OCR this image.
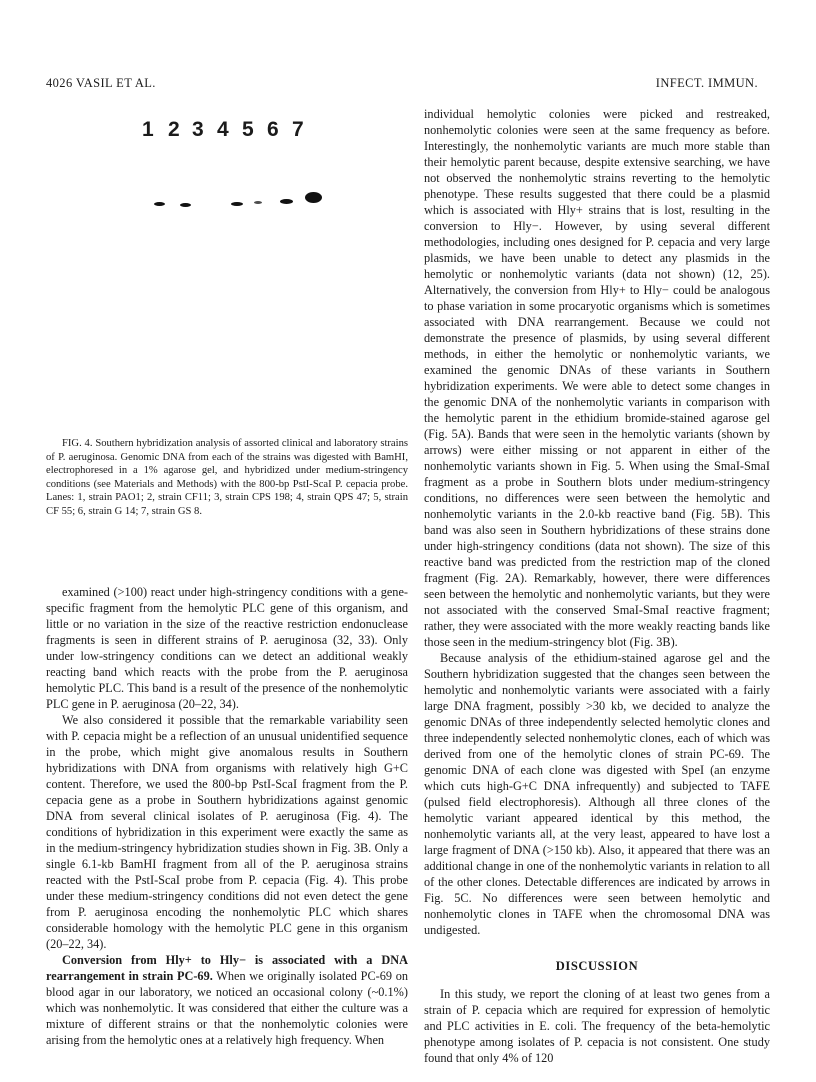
4026 VASIL ET AL.	INFECT. IMMUN.
1 2 3 4 5 6 7
FIG. 4. Southern hybridization analysis of assorted clinical and laboratory strains of P. aeruginosa. Genomic DNA from each of the strains was digested with BamHI, electrophoresed in a 1% agarose gel, and hybridized under medium-stringency conditions (see Materials and Methods) with the 800-bp PstI-ScaI P. cepacia probe. Lanes: 1, strain PAO1; 2, strain CF11; 3, strain CPS 198; 4, strain QPS 47; 5, strain CF 55; 6, strain G 14; 7, strain GS 8.

examined (>100) react under high-stringency conditions with a gene-specific fragment from the hemolytic PLC gene of this organism, and little or no variation in the size of the reactive restriction endonuclease fragments is seen in different strains of P. aeruginosa (32, 33). Only under low-stringency conditions can we detect an additional weakly reacting band which reacts with the probe from the P. aeruginosa hemolytic PLC. This band is a result of the presence of the nonhemolytic PLC gene in P. aeruginosa (20–22, 34).

We also considered it possible that the remarkable variability seen with P. cepacia might be a reflection of an unusual unidentified sequence in the probe, which might give anomalous results in Southern hybridizations with DNA from organisms with relatively high G+C content. Therefore, we used the 800-bp PstI-ScaI fragment from the P. cepacia gene as a probe in Southern hybridizations against genomic DNA from several clinical isolates of P. aeruginosa (Fig. 4). The conditions of hybridization in this experiment were exactly the same as in the medium-stringency hybridization studies shown in Fig. 3B. Only a single 6.1-kb BamHI fragment from all of the P. aeruginosa strains reacted with the PstI-ScaI probe from P. cepacia (Fig. 4). This probe under these medium-stringency conditions did not even detect the gene from P. aeruginosa encoding the nonhemolytic PLC which shares considerable homology with the hemolytic PLC gene in this organism (20–22, 34).

Conversion from Hly+ to Hly− is associated with a DNA rearrangement in strain PC-69. When we originally isolated PC-69 on blood agar in our laboratory, we noticed an occasional colony (~0.1%) which was nonhemolytic. It was considered that either the culture was a mixture of different strains or that the nonhemolytic colonies were arising from the hemolytic ones at a relatively high frequency. When

individual hemolytic colonies were picked and restreaked, nonhemolytic colonies were seen at the same frequency as before. Interestingly, the nonhemolytic variants are much more stable than their hemolytic parent because, despite extensive searching, we have not observed the nonhemolytic strains reverting to the hemolytic phenotype. These results suggested that there could be a plasmid which is associated with Hly+ strains that is lost, resulting in the conversion to Hly−. However, by using several different methodologies, including ones designed for P. cepacia and very large plasmids, we have been unable to detect any plasmids in the hemolytic or nonhemolytic variants (data not shown) (12, 25). Alternatively, the conversion from Hly+ to Hly− could be analogous to phase variation in some procaryotic organisms which is sometimes associated with DNA rearrangement. Because we could not demonstrate the presence of plasmids, by using several different methods, in either the hemolytic or nonhemolytic variants, we examined the genomic DNAs of these variants in Southern hybridization experiments. We were able to detect some changes in the genomic DNA of the nonhemolytic variants in comparison with the hemolytic parent in the ethidium bromide-stained agarose gel (Fig. 5A). Bands that were seen in the hemolytic variants (shown by arrows) were either missing or not apparent in either of the nonhemolytic variants shown in Fig. 5. When using the SmaI-SmaI fragment as a probe in Southern blots under medium-stringency conditions, no differences were seen between the hemolytic and nonhemolytic variants in the 2.0-kb reactive band (Fig. 5B). This band was also seen in Southern hybridizations of these strains done under high-stringency conditions (data not shown). The size of this reactive band was predicted from the restriction map of the cloned fragment (Fig. 2A). Remarkably, however, there were differences seen between the hemolytic and nonhemolytic variants, but they were not associated with the conserved SmaI-SmaI reactive fragment; rather, they were associated with the more weakly reacting bands like those seen in the medium-stringency blot (Fig. 3B).

Because analysis of the ethidium-stained agarose gel and the Southern hybridization suggested that the changes seen between the hemolytic and nonhemolytic variants were associated with a fairly large DNA fragment, possibly >30 kb, we decided to analyze the genomic DNAs of three independently selected hemolytic clones and three independently selected nonhemolytic clones, each of which was derived from one of the hemolytic clones of strain PC-69. The genomic DNA of each clone was digested with SpeI (an enzyme which cuts high-G+C DNA infrequently) and subjected to TAFE (pulsed field electrophoresis). Although all three clones of the hemolytic variant appeared identical by this method, the nonhemolytic variants all, at the very least, appeared to have lost a large fragment of DNA (>150 kb). Also, it appeared that there was an additional change in one of the nonhemolytic variants in relation to all of the other clones. Detectable differences are indicated by arrows in Fig. 5C. No differences were seen between hemolytic and nonhemolytic clones in TAFE when the chromosomal DNA was undigested.

DISCUSSION

In this study, we report the cloning of at least two genes from a strain of P. cepacia which are required for expression of hemolytic and PLC activities in E. coli. The frequency of the beta-hemolytic phenotype among isolates of P. cepacia is not consistent. One study found that only 4% of 120
